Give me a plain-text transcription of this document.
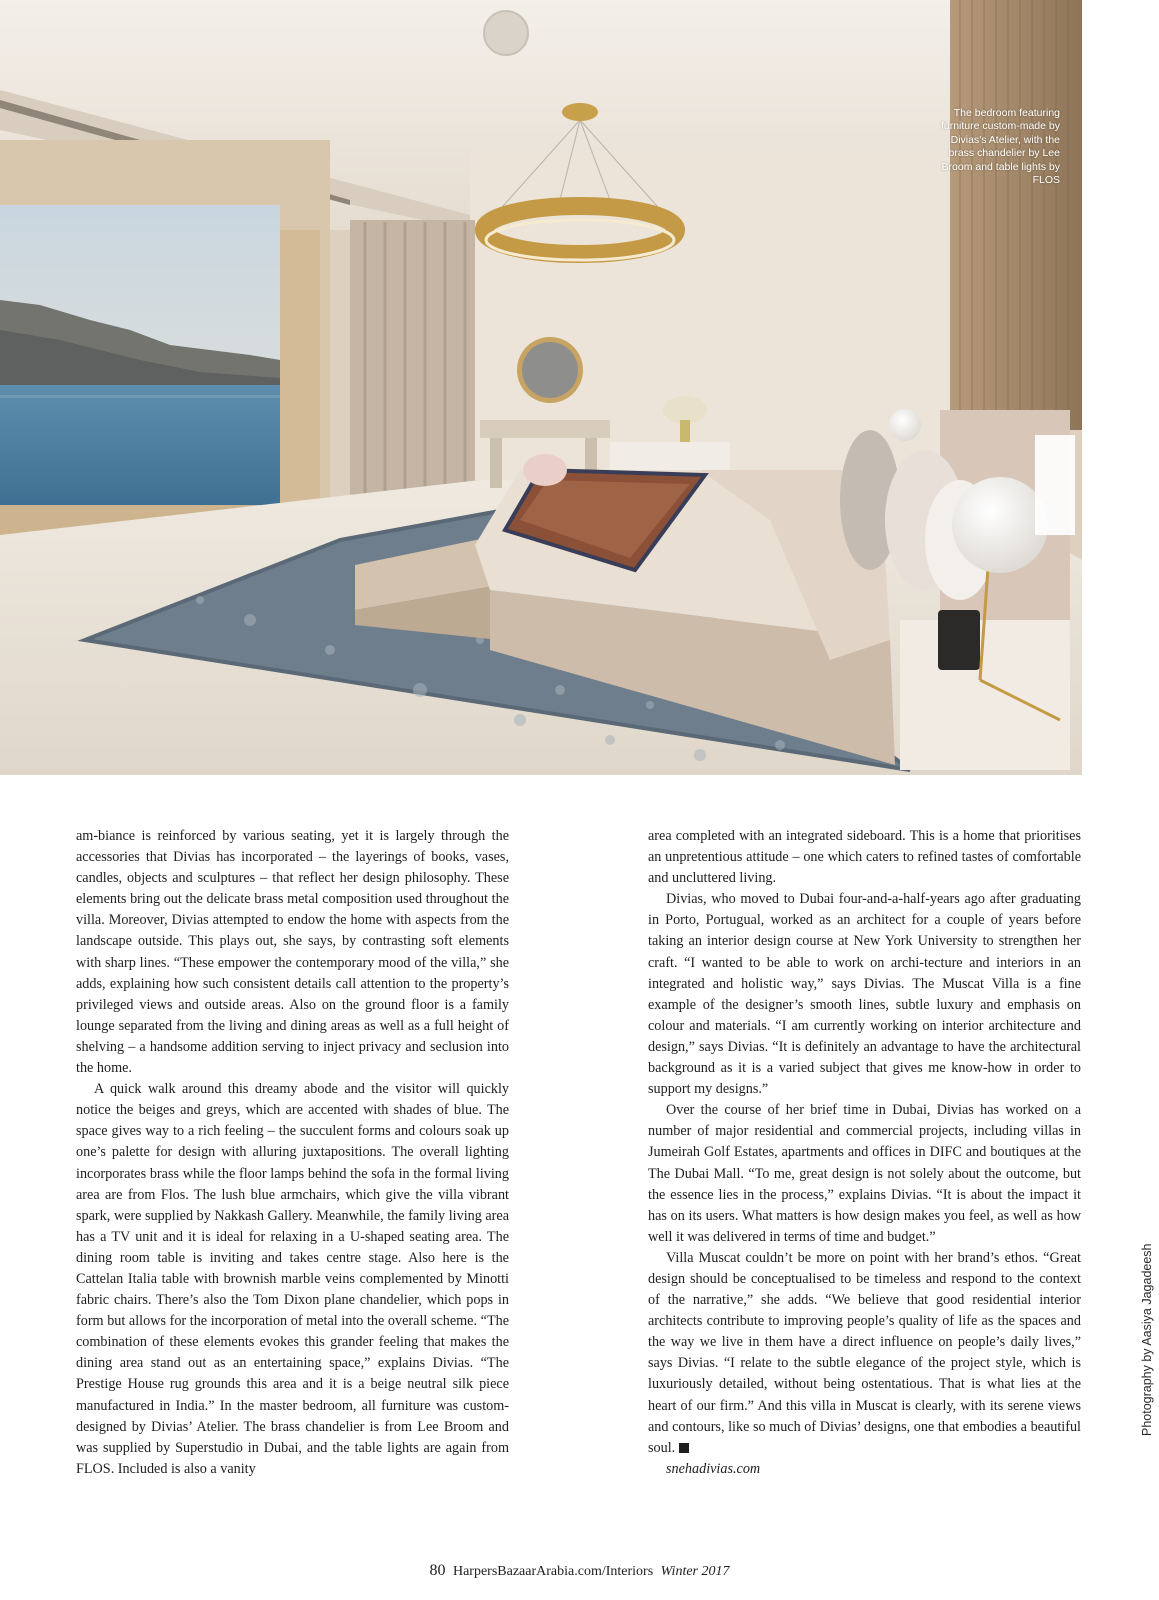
The bedroom featuring furniture custom-made by Divias's Atelier, with the brass chandelier by Lee Broom and table lights by FLOS

am-biance is reinforced by various seating, yet it is largely through the accessories that Divias has incorporated – the layerings of books, vases, candles, objects and sculptures – that reflect her design philosophy. These elements bring out the delicate brass metal composition used throughout the villa. Moreover, Divias attempted to endow the home with aspects from the landscape outside. This plays out, she says, by contrasting soft elements with sharp lines. “These empower the contemporary mood of the villa,” she adds, explaining how such consistent details call attention to the property’s privileged views and outside areas. Also on the ground floor is a family lounge separated from the living and dining areas as well as a full height of shelving – a handsome addition serving to inject privacy and seclusion into the home.

A quick walk around this dreamy abode and the visitor will quickly notice the beiges and greys, which are accented with shades of blue. The space gives way to a rich feeling – the succulent forms and colours soak up one’s palette for design with alluring juxtapositions. The overall lighting incorporates brass while the floor lamps behind the sofa in the formal living area are from Flos. The lush blue armchairs, which give the villa vibrant spark, were supplied by Nakkash Gallery. Meanwhile, the family living area has a TV unit and it is ideal for relaxing in a U-shaped seating area. The dining room table is inviting and takes centre stage. Also here is the Cattelan Italia table with brownish marble veins complemented by Minotti fabric chairs. There’s also the Tom Dixon plane chandelier, which pops in form but allows for the incorporation of metal into the overall scheme. “The combination of these elements evokes this grander feeling that makes the dining area stand out as an entertaining space,” explains Divias. “The Prestige House rug grounds this area and it is a beige neutral silk piece manufactured in India.” In the master bedroom, all furniture was custom-designed by Divias’ Atelier. The brass chandelier is from Lee Broom and was supplied by Superstudio in Dubai, and the table lights are again from FLOS. Included is also a vanity

area completed with an integrated sideboard. This is a home that prioritises an unpretentious attitude – one which caters to refined tastes of comfortable and uncluttered living.

Divias, who moved to Dubai four-and-a-half-years ago after graduating in Porto, Portugual, worked as an architect for a couple of years before taking an interior design course at New York University to strengthen her craft. “I wanted to be able to work on archi-tecture and interiors in an integrated and holistic way,” says Divias. The Muscat Villa is a fine example of the designer’s smooth lines, subtle luxury and emphasis on colour and materials. “I am currently working on interior architecture and design,” says Divias. “It is definitely an advantage to have the architectural background as it is a varied subject that gives me know-how in order to support my designs.”

Over the course of her brief time in Dubai, Divias has worked on a number of major residential and commercial projects, including villas in Jumeirah Golf Estates, apartments and offices in DIFC and boutiques at the The Dubai Mall. “To me, great design is not solely about the outcome, but the essence lies in the process,” explains Divias. “It is about the impact it has on its users. What matters is how design makes you feel, as well as how well it was delivered in terms of time and budget.”

Villa Muscat couldn’t be more on point with her brand’s ethos. “Great design should be conceptualised to be timeless and respond to the context of the narrative,” she adds. “We believe that good residential interior architects contribute to improving people’s quality of life as the spaces and the way we live in them have a direct influence on people’s daily lives,” says Divias. “I relate to the subtle elegance of the project style, which is luxuriously detailed, without being ostentatious. That is what lies at the heart of our firm.” And this villa in Muscat is clearly, with its serene views and contours, like so much of Divias’ designs, one that embodies a beautiful soul.

snehadivias.com

Photography by Aasiya Jagadeesh
80 HarpersBazaarArabia.com/Interiors Winter 2017
